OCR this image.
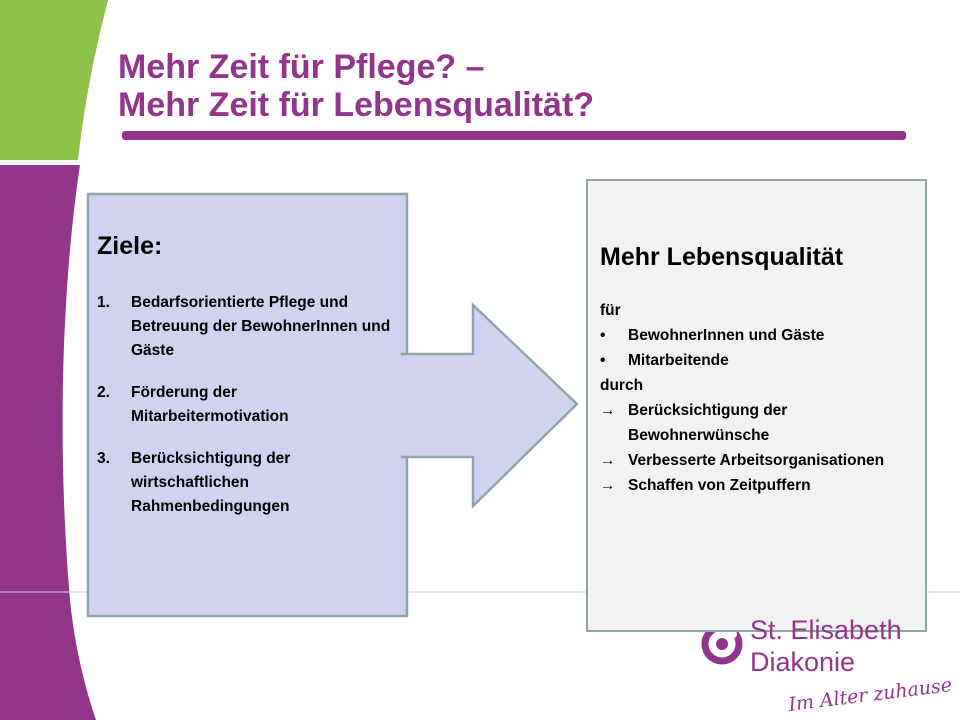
Mehr Zeit für Pflege? –
Mehr Zeit für Lebensqualität?
Ziele:
1.	Bedarfsorientierte Pflege und Betreuung der BewohnerInnen und Gäste
2.	Förderung der Mitarbeitermotivation
3.	Berücksichtigung der wirtschaftlichen Rahmenbedingungen
Mehr Lebensqualität
für
•	BewohnerInnen und Gäste
•	Mitarbeitende
durch
→ Berücksichtigung der Bewohnerwünsche
→ Verbesserte Arbeitsorganisationen
→ Schaffen von Zeitpuffern
St. Elisabeth
Diakonie
Im Alter zuhause
